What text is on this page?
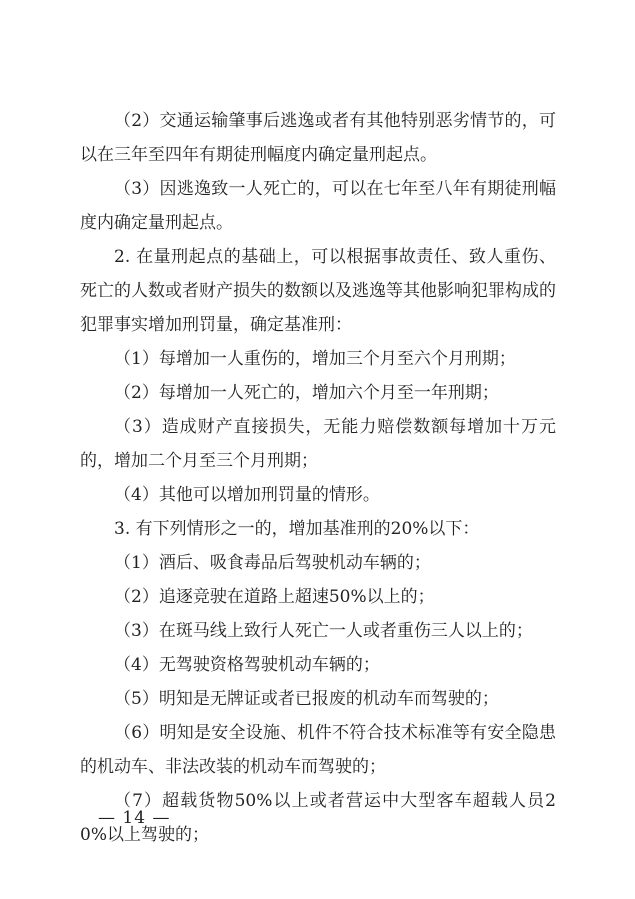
（2）交通运输肇事后逃逸或者有其他特别恶劣情节的，可以在三年至四年有期徒刑幅度内确定量刑起点。

（3）因逃逸致一人死亡的，可以在七年至八年有期徒刑幅度内确定量刑起点。

2. 在量刑起点的基础上，可以根据事故责任、致人重伤、死亡的人数或者财产损失的数额以及逃逸等其他影响犯罪构成的犯罪事实增加刑罚量，确定基准刑：

（1）每增加一人重伤的，增加三个月至六个月刑期；

（2）每增加一人死亡的，增加六个月至一年刑期；

（3）造成财产直接损失，无能力赔偿数额每增加十万元的，增加二个月至三个月刑期；

（4）其他可以增加刑罚量的情形。

3. 有下列情形之一的，增加基准刑的20%以下：

（1）酒后、吸食毒品后驾驶机动车辆的；

（2）追逐竞驶在道路上超速50%以上的；

（3）在斑马线上致行人死亡一人或者重伤三人以上的；

（4）无驾驶资格驾驶机动车辆的；

（5）明知是无牌证或者已报废的机动车而驾驶的；

（6）明知是安全设施、机件不符合技术标准等有安全隐患的机动车、非法改装的机动车而驾驶的；

（7）超载货物50%以上或者营运中大型客车超载人员20%以上驾驶的；

— 14 —
